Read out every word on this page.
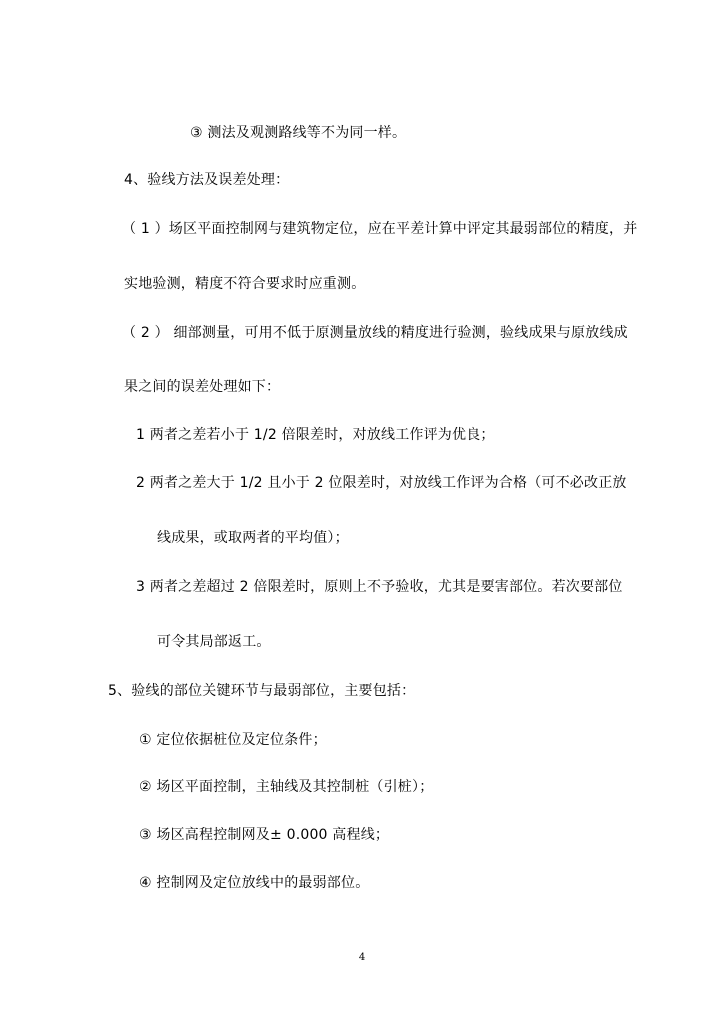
③ 测法及观测路线等不为同一样。
4、验线方法及误差处理：
（ 1 ）场区平面控制网与建筑物定位，应在平差计算中评定其最弱部位的精度，并
实地验测，精度不符合要求时应重测。
（ 2 ） 细部测量，可用不低于原测量放线的精度进行验测，验线成果与原放线成
果之间的误差处理如下：
1 两者之差若小于 1/2 倍限差时，对放线工作评为优良；
2 两者之差大于 1/2 且小于 2 位限差时，对放线工作评为合格（可不必改正放
线成果，或取两者的平均值）；
3 两者之差超过 2 倍限差时，原则上不予验收，尤其是要害部位。若次要部位
可令其局部返工。
5、验线的部位关键环节与最弱部位，主要包括：
① 定位依据桩位及定位条件；
② 场区平面控制，主轴线及其控制桩（引桩）；
③ 场区高程控制网及± 0.000 高程线；
④ 控制网及定位放线中的最弱部位。
4
